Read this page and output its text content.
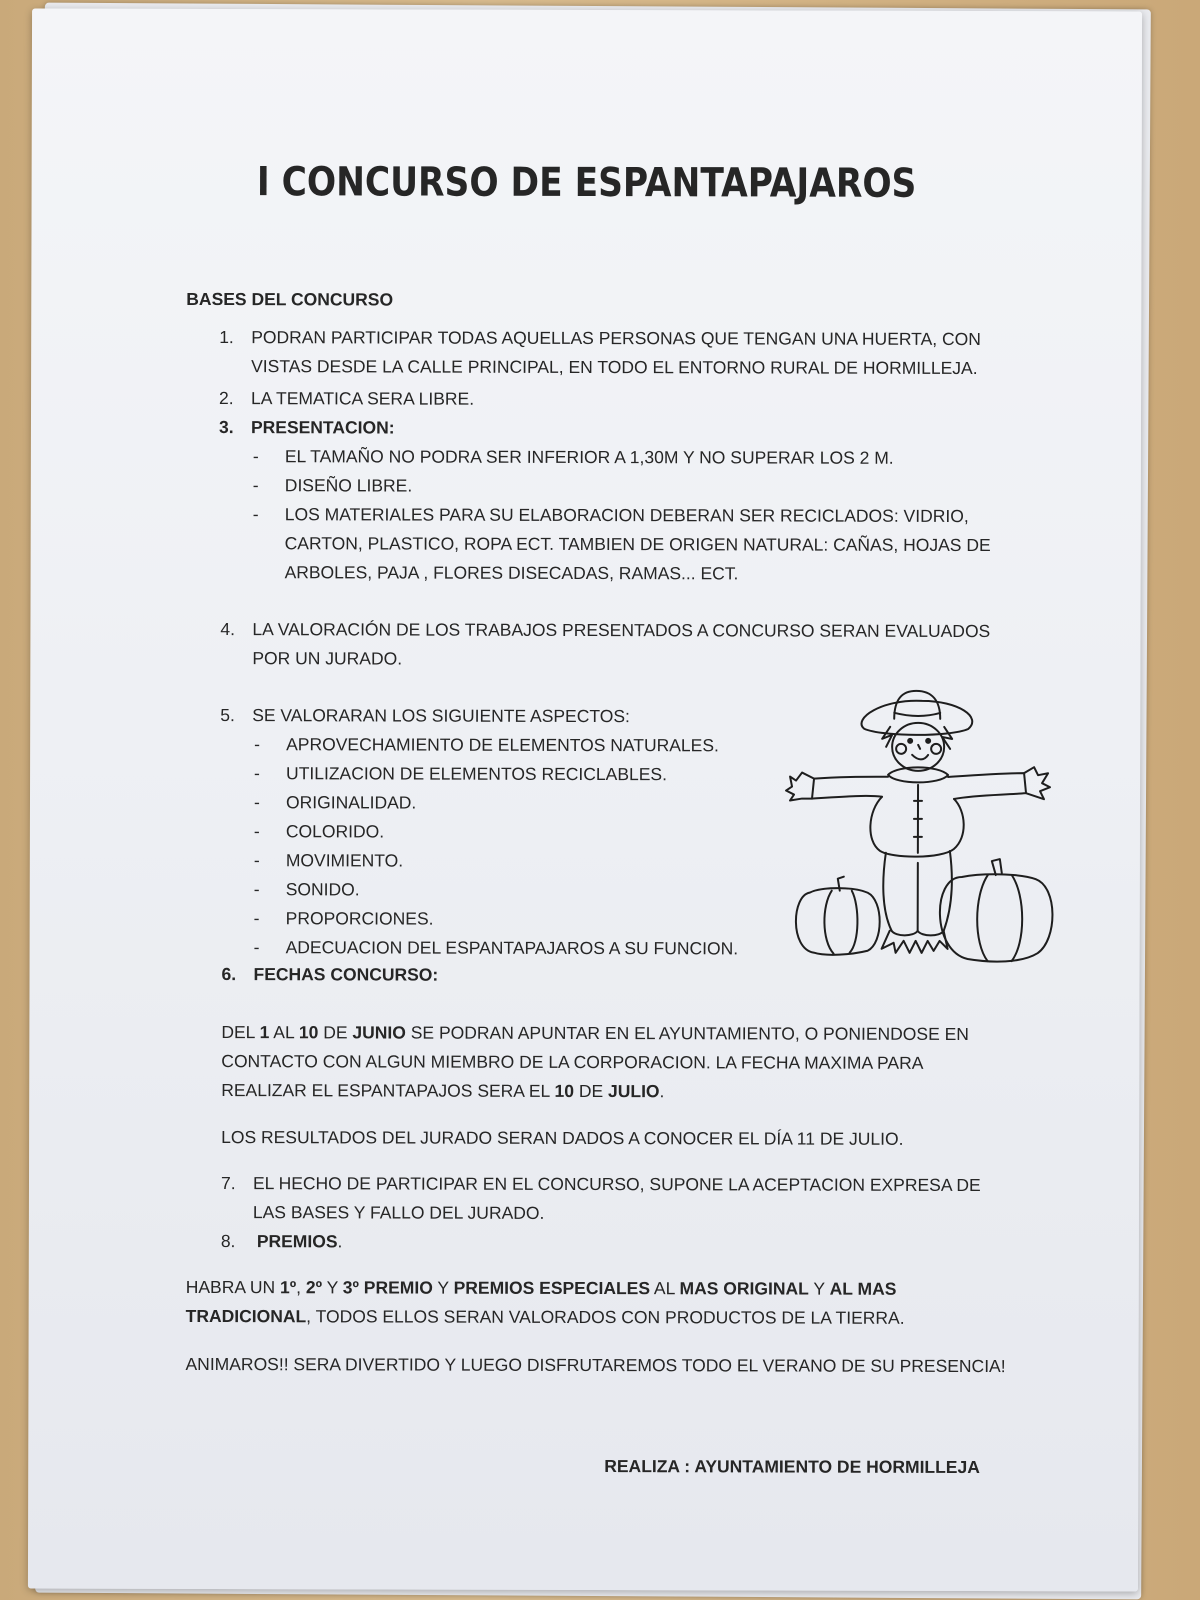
I CONCURSO DE ESPANTAPAJAROS
BASES DEL CONCURSO
1. PODRAN PARTICIPAR TODAS AQUELLAS PERSONAS QUE TENGAN UNA HUERTA, CON
VISTAS DESDE LA CALLE PRINCIPAL, EN TODO EL ENTORNO RURAL DE HORMILLEJA.
2. LA TEMATICA SERA LIBRE.
3. PRESENTACION:
- EL TAMAÑO NO PODRA SER INFERIOR A 1,30M Y NO SUPERAR LOS 2 M.
- DISEÑO LIBRE.
- LOS MATERIALES PARA SU ELABORACION DEBERAN SER RECICLADOS: VIDRIO,
CARTON, PLASTICO, ROPA ECT. TAMBIEN DE ORIGEN NATURAL: CAÑAS, HOJAS DE
ARBOLES, PAJA , FLORES DISECADAS, RAMAS... ECT.
4. LA VALORACIÓN DE LOS TRABAJOS PRESENTADOS A CONCURSO SERAN EVALUADOS
POR UN JURADO.
5. SE VALORARAN LOS SIGUIENTE ASPECTOS:
- APROVECHAMIENTO DE ELEMENTOS NATURALES.
- UTILIZACION DE ELEMENTOS RECICLABLES.
- ORIGINALIDAD.
- COLORIDO.
- MOVIMIENTO.
- SONIDO.
- PROPORCIONES.
- ADECUACION DEL ESPANTAPAJAROS A SU FUNCION.
6. FECHAS CONCURSO:
DEL 1 AL 10 DE JUNIO SE PODRAN APUNTAR EN EL AYUNTAMIENTO, O PONIENDOSE EN
CONTACTO CON ALGUN MIEMBRO DE LA CORPORACION. LA FECHA MAXIMA PARA
REALIZAR EL ESPANTAPAJOS SERA EL 10 DE JULIO.
LOS RESULTADOS DEL JURADO SERAN DADOS A CONOCER EL DÍA 11 DE JULIO.
7. EL HECHO DE PARTICIPAR EN EL CONCURSO, SUPONE LA ACEPTACION EXPRESA DE
LAS BASES Y FALLO DEL JURADO.
8. PREMIOS.
HABRA UN 1º, 2º Y 3º PREMIO Y PREMIOS ESPECIALES AL MAS ORIGINAL Y AL MAS
TRADICIONAL, TODOS ELLOS SERAN VALORADOS CON PRODUCTOS DE LA TIERRA.
ANIMAROS!! SERA DIVERTIDO Y LUEGO DISFRUTAREMOS TODO EL VERANO DE SU PRESENCIA!
REALIZA : AYUNTAMIENTO DE HORMILLEJA
